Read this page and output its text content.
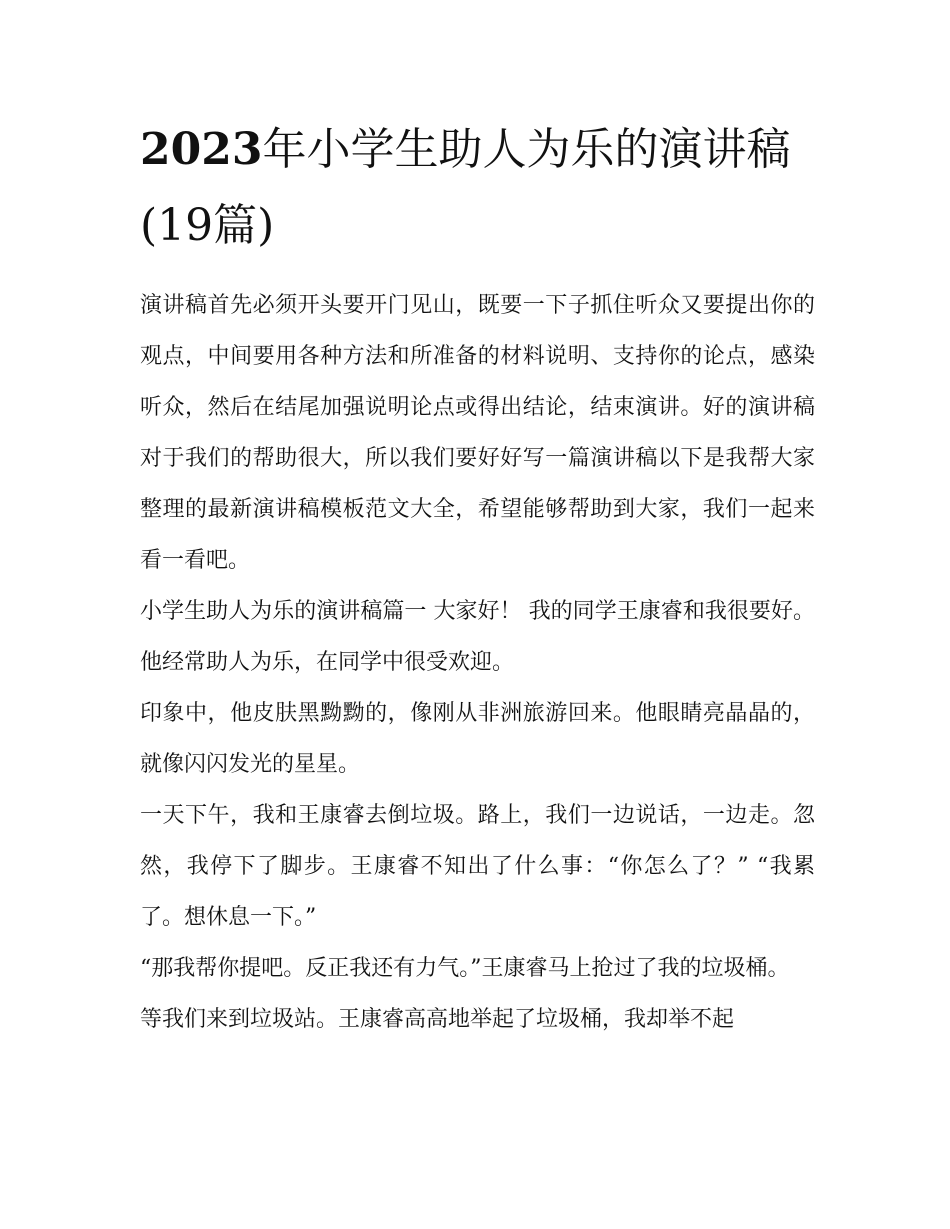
2023年小学生助人为乐的演讲稿(19篇)

演讲稿首先必须开头要开门见山，既要一下子抓住听众又要提出你的观点，中间要用各种方法和所准备的材料说明、支持你的论点，感染听众，然后在结尾加强说明论点或得出结论，结束演讲。好的演讲稿对于我们的帮助很大，所以我们要好好写一篇演讲稿以下是我帮大家整理的最新演讲稿模板范文大全，希望能够帮助到大家，我们一起来看一看吧。

小学生助人为乐的演讲稿篇一 大家好！ 我的同学王康睿和我很要好。他经常助人为乐，在同学中很受欢迎。

印象中，他皮肤黑黝黝的，像刚从非洲旅游回来。他眼睛亮晶晶的，就像闪闪发光的星星。

一天下午，我和王康睿去倒垃圾。路上，我们一边说话，一边走。忽然，我停下了脚步。王康睿不知出了什么事：“你怎么了？” “我累了。想休息一下。”

“那我帮你提吧。反正我还有力气。”王康睿马上抢过了我的垃圾桶。

等我们来到垃圾站。王康睿高高地举起了垃圾桶，我却举不起
